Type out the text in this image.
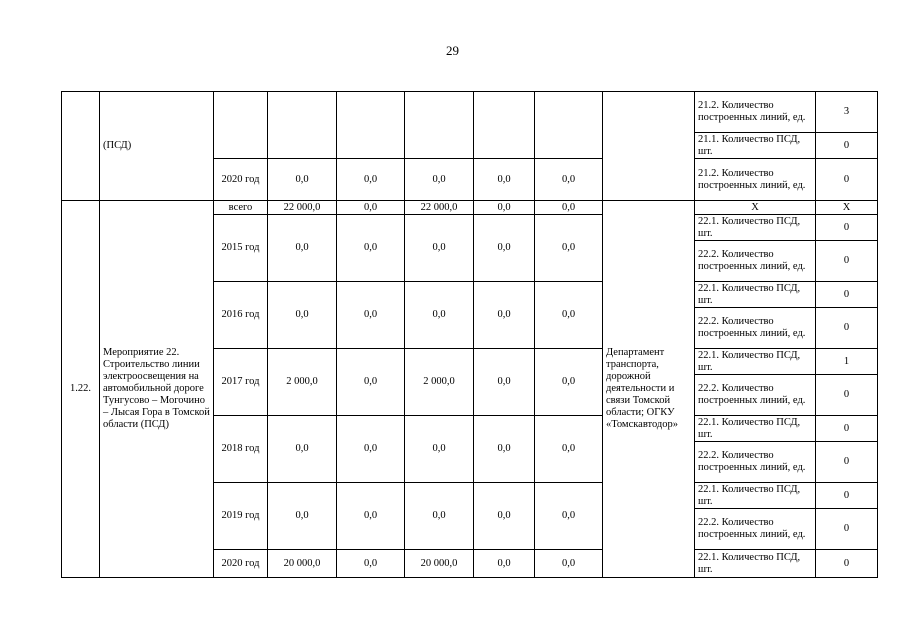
29
	(ПСД)								21.2. Количество построенных линий, ед.	3
									21.1. Количество ПСД, шт.	0
		2020 год	0,0	0,0	0,0	0,0	0,0		21.2. Количество построенных линий, ед.	0
1.22.	Мероприятие 22. Строительство линии электроосвещения на автомобильной дороге Тунгусово – Могочино – Лысая Гора в Томской области (ПСД)	всего	22 000,0	0,0	22 000,0	0,0	0,0	Департамент транспорта, дорожной деятельности и связи Томской области; ОГКУ «Томскавтодор»	Х	Х
		2015 год	0,0	0,0	0,0	0,0	0,0		22.1. Количество ПСД, шт.	0
									22.2. Количество построенных линий, ед.	0
		2016 год	0,0	0,0	0,0	0,0	0,0		22.1. Количество ПСД, шт.	0
									22.2. Количество построенных линий, ед.	0
		2017 год	2 000,0	0,0	2 000,0	0,0	0,0		22.1. Количество ПСД, шт.	1
									22.2. Количество построенных линий, ед.	0
		2018 год	0,0	0,0	0,0	0,0	0,0		22.1. Количество ПСД, шт.	0
									22.2. Количество построенных линий, ед.	0
		2019 год	0,0	0,0	0,0	0,0	0,0		22.1. Количество ПСД, шт.	0
									22.2. Количество построенных линий, ед.	0
		2020 год	20 000,0	0,0	20 000,0	0,0	0,0		22.1. Количество ПСД, шт.	0
